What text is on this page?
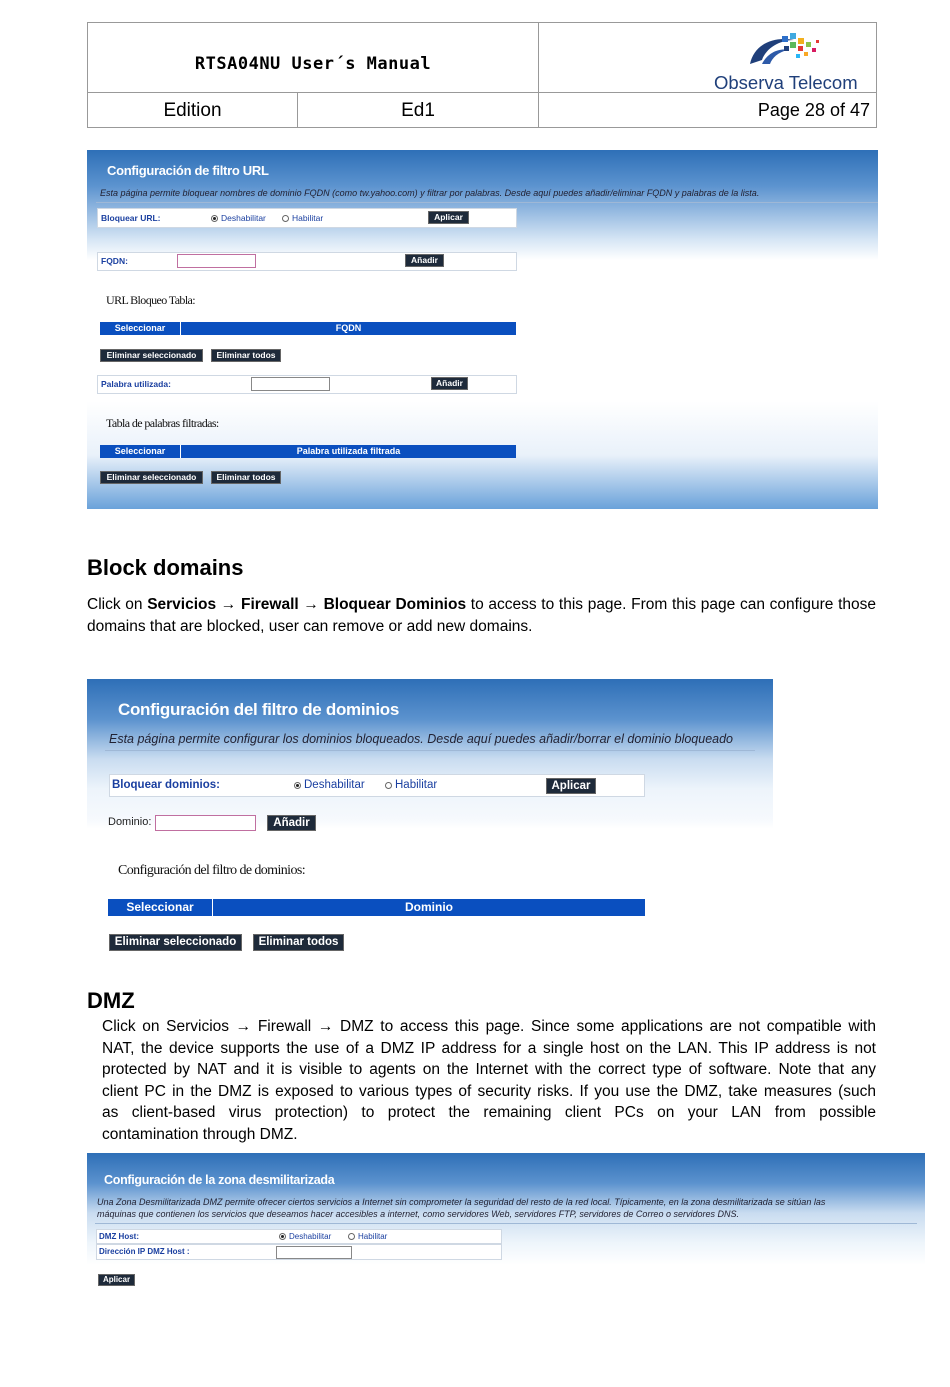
RTSA04NU User´s Manual
Edition	Ed1	Page 28 of 47
Observa Telecom
Configuración de filtro URL
Esta página permite bloquear nombres de dominio FQDN (como tw.yahoo.com) y filtrar por palabras. Desde aquí puedes añadir/eliminar FQDN y palabras de la lista.
Bloquear URL:	Deshabilitar	Habilitar	Aplicar
FQDN:	Añadir
URL Bloqueo Tabla:
Seleccionar	FQDN
Eliminar seleccionado	Eliminar todos
Palabra utilizada:	Añadir
Tabla de palabras filtradas:
Seleccionar	Palabra utilizada filtrada
Eliminar seleccionado	Eliminar todos
Block domains
Click on Servicios → Firewall → Bloquear Dominios to access to this page. From this page can configure those domains that are blocked, user can remove or add new domains.
Configuración del filtro de dominios
Esta página permite configurar los dominios bloqueados. Desde aquí puedes añadir/borrar el dominio bloqueado
Bloquear dominios:	Deshabilitar	Habilitar	Aplicar
Dominio:	Añadir
Configuración del filtro de dominios:
Seleccionar	Dominio
Eliminar seleccionado	Eliminar todos
DMZ
Click on Servicios → Firewall → DMZ to access this page. Since some applications are not compatible with
NAT, the device supports the use of a DMZ IP address for a single host on the LAN. This IP address is not
protected by NAT and it is visible to agents on the Internet with the correct type of software. Note that any
client PC in the DMZ is exposed to various types of security risks. If you use the DMZ, take measures (such
as client-based virus protection) to protect the remaining client PCs on your LAN from possible
contamination through DMZ.
Configuración de la zona desmilitarizada
Una Zona Desmilitarizada DMZ permite ofrecer ciertos servicios a Internet sin comprometer la seguridad del resto de la red local. Típicamente, en la zona desmilitarizada se sitúan las
máquinas que contienen los servicios que deseamos hacer accesibles a internet, como servidores Web, servidores FTP, servidores de Correo o servidores DNS.
DMZ Host:	Deshabilitar	Habilitar
Dirección IP DMZ Host :
Aplicar
